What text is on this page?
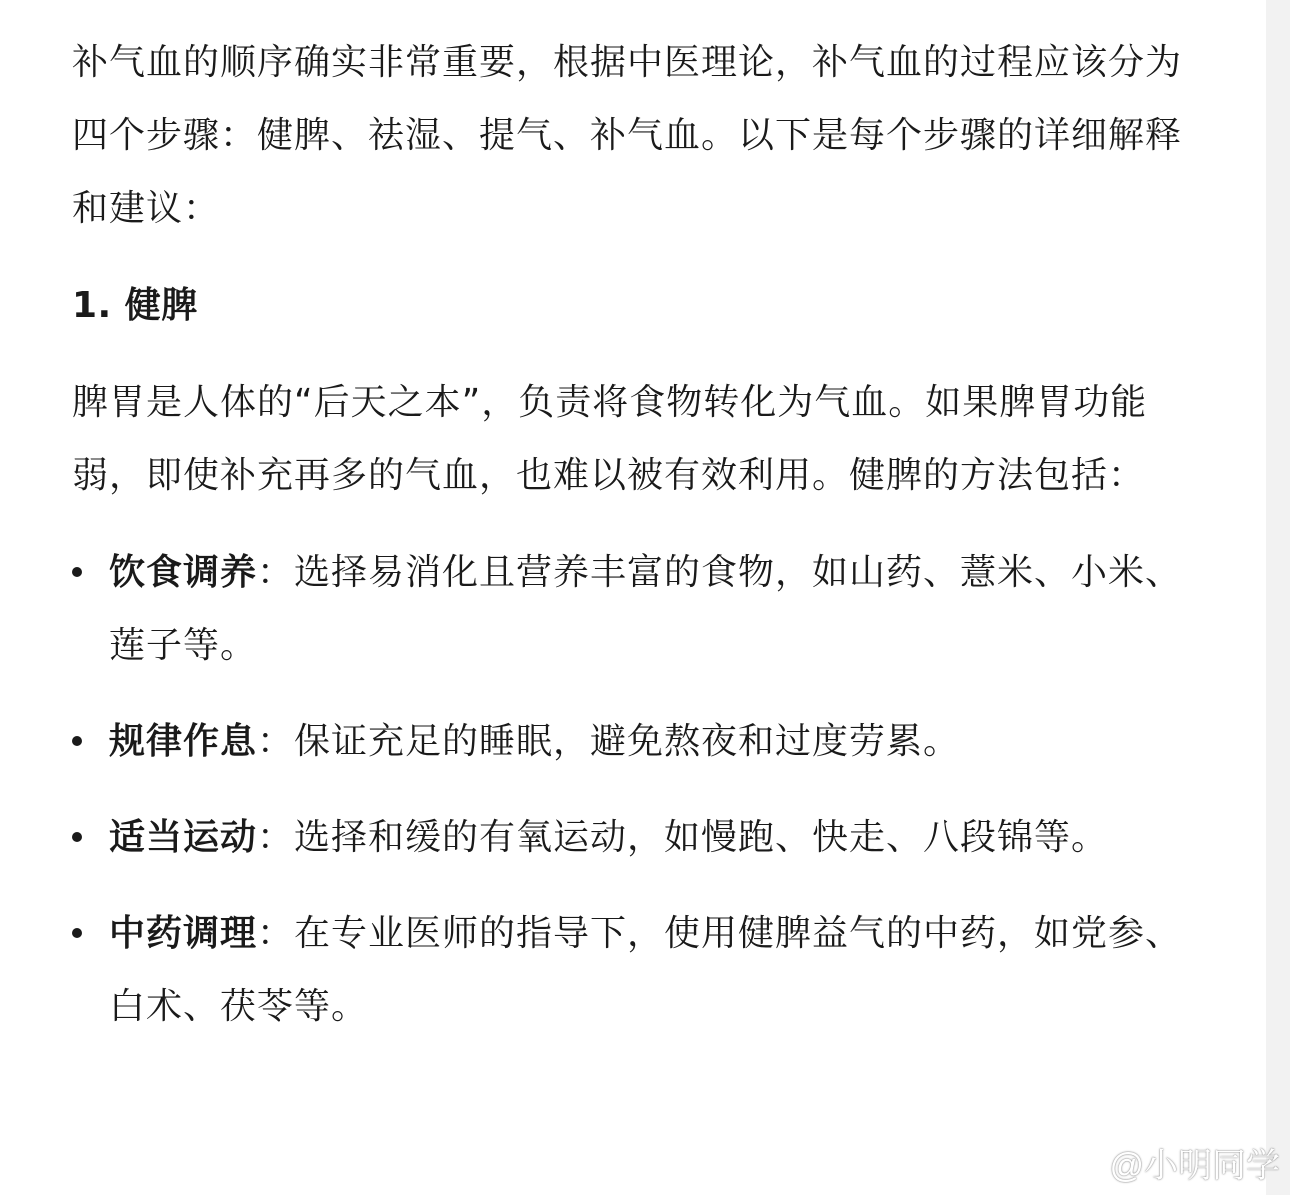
补气血的顺序确实非常重要，根据中医理论，补气血的过程应该分为四个步骤：健脾、祛湿、提气、补气血。以下是每个步骤的详细解释和建议：

1. 健脾

脾胃是人体的“后天之本”，负责将食物转化为气血。如果脾胃功能弱，即使补充再多的气血，也难以被有效利用。健脾的方法包括：

饮食调养：选择易消化且营养丰富的食物，如山药、薏米、小米、莲子等。
规律作息：保证充足的睡眠，避免熬夜和过度劳累。
适当运动：选择和缓的有氧运动，如慢跑、快走、八段锦等。
中药调理：在专业医师的指导下，使用健脾益气的中药，如党参、白术、茯苓等。
@小明同学
